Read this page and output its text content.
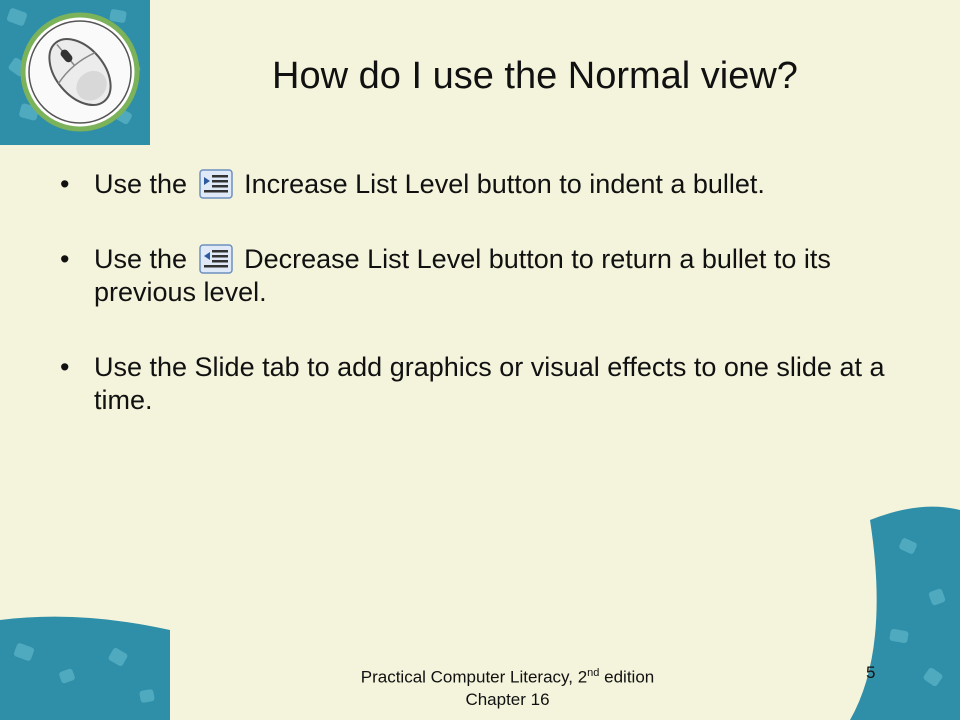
How do I use the Normal view?
• Use the Increase List Level button to indent a bullet.
• Use the Decrease List Level button to return a bullet to its previous level.
• Use the Slide tab to add graphics or visual effects to one slide at a time.
Practical Computer Literacy, 2nd edition
Chapter 16
5
